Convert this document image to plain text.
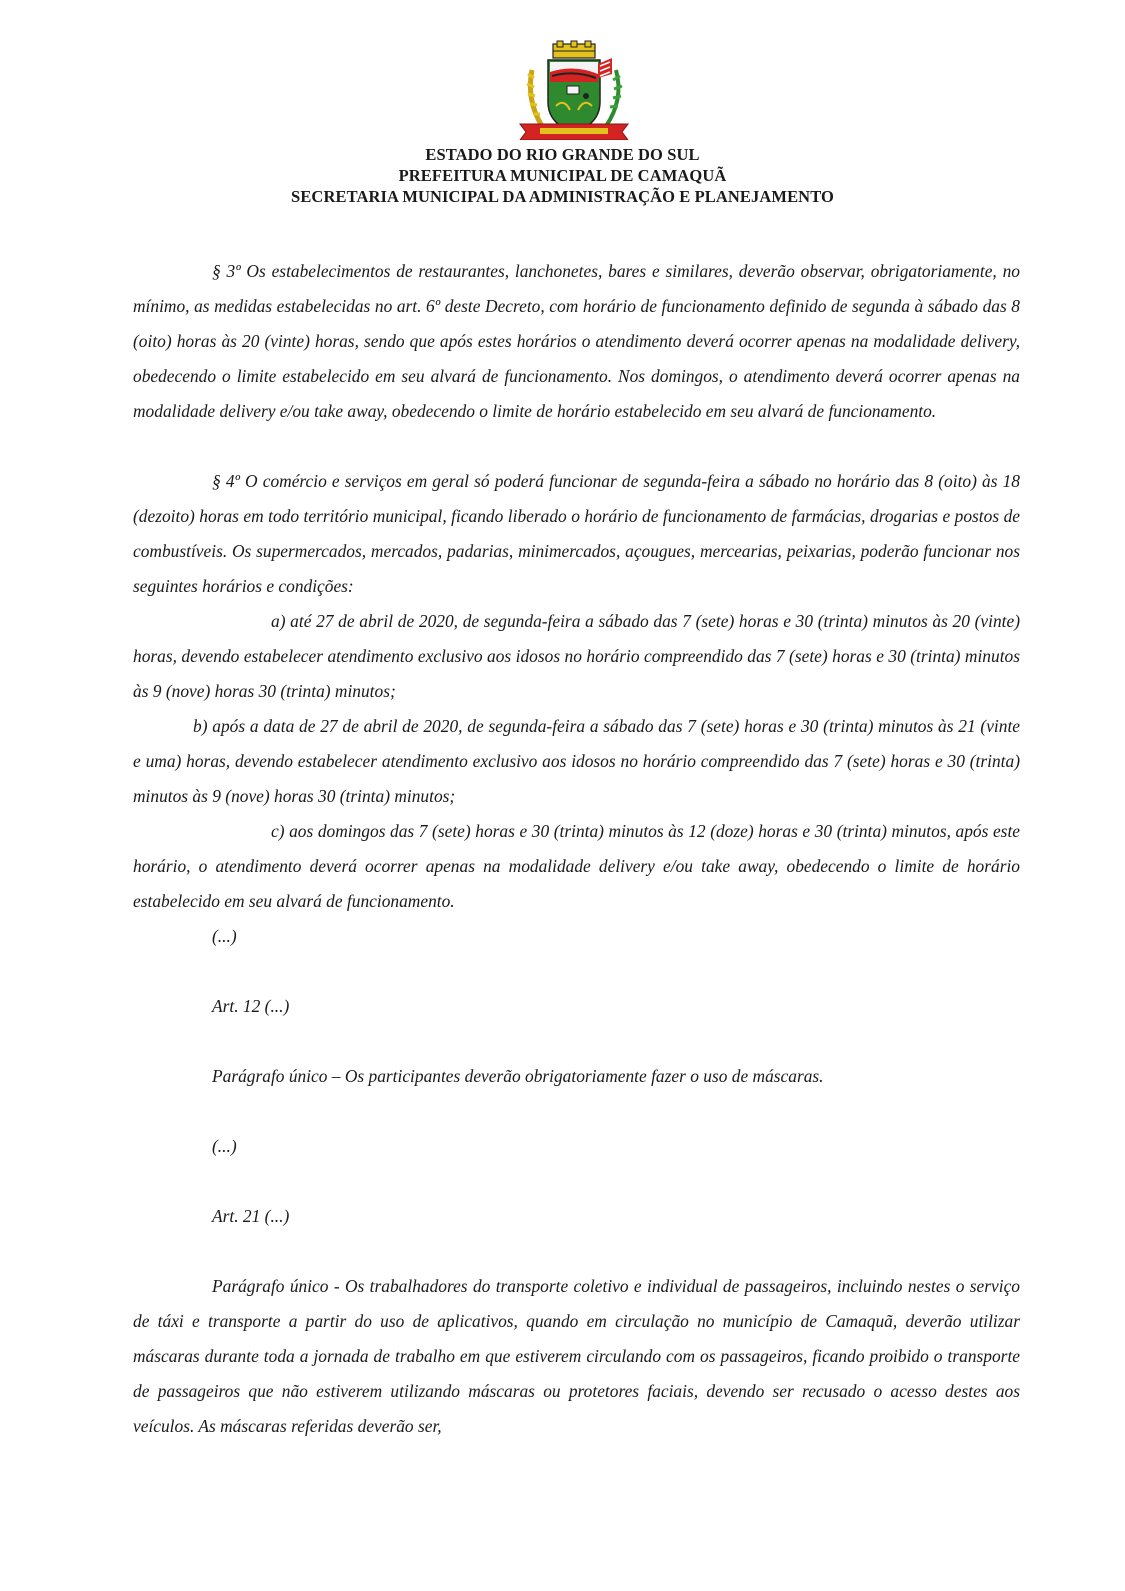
ESTADO DO RIO GRANDE DO SUL
PREFEITURA MUNICIPAL DE CAMAQUÃ
SECRETARIA MUNICIPAL DA ADMINISTRAÇÃO E PLANEJAMENTO

§ 3º Os estabelecimentos de restaurantes, lanchonetes, bares e similares, deverão observar, obrigatoriamente, no mínimo, as medidas estabelecidas no art. 6º deste Decreto, com horário de funcionamento definido de segunda à sábado das 8 (oito) horas às 20 (vinte) horas, sendo que após estes horários o atendimento deverá ocorrer apenas na modalidade delivery, obedecendo o limite estabelecido em seu alvará de funcionamento. Nos domingos, o atendimento deverá ocorrer apenas na modalidade delivery e/ou take away, obedecendo o limite de horário estabelecido em seu alvará de funcionamento.

§ 4º O comércio e serviços em geral só poderá funcionar de segunda-feira a sábado no horário das 8 (oito) às 18 (dezoito) horas em todo território municipal, ficando liberado o horário de funcionamento de farmácias, drogarias e postos de combustíveis. Os supermercados, mercados, padarias, minimercados, açougues, mercearias, peixarias, poderão funcionar nos seguintes horários e condições:

a) até 27 de abril de 2020, de segunda-feira a sábado das 7 (sete) horas e 30 (trinta) minutos às 20 (vinte) horas, devendo estabelecer atendimento exclusivo aos idosos no horário compreendido das 7 (sete) horas e 30 (trinta) minutos às 9 (nove) horas 30 (trinta) minutos;

b) após a data de 27 de abril de 2020, de segunda-feira a sábado das 7 (sete) horas e 30 (trinta) minutos às 21 (vinte e uma) horas, devendo estabelecer atendimento exclusivo aos idosos no horário compreendido das 7 (sete) horas e 30 (trinta) minutos às 9 (nove) horas 30 (trinta) minutos;

c) aos domingos das 7 (sete) horas e 30 (trinta) minutos às 12 (doze) horas e 30 (trinta) minutos, após este horário, o atendimento deverá ocorrer apenas na modalidade delivery e/ou take away, obedecendo o limite de horário estabelecido em seu alvará de funcionamento.

(...)

Art. 12 (...)

Parágrafo único – Os participantes deverão obrigatoriamente fazer o uso de máscaras.

(...)

Art. 21 (...)

Parágrafo único - Os trabalhadores do transporte coletivo e individual de passageiros, incluindo nestes o serviço de táxi e transporte a partir do uso de aplicativos, quando em circulação no município de Camaquã, deverão utilizar máscaras durante toda a jornada de trabalho em que estiverem circulando com os passageiros, ficando proibido o transporte de passageiros que não estiverem utilizando máscaras ou protetores faciais, devendo ser recusado o acesso destes aos veículos. As máscaras referidas deverão ser,
